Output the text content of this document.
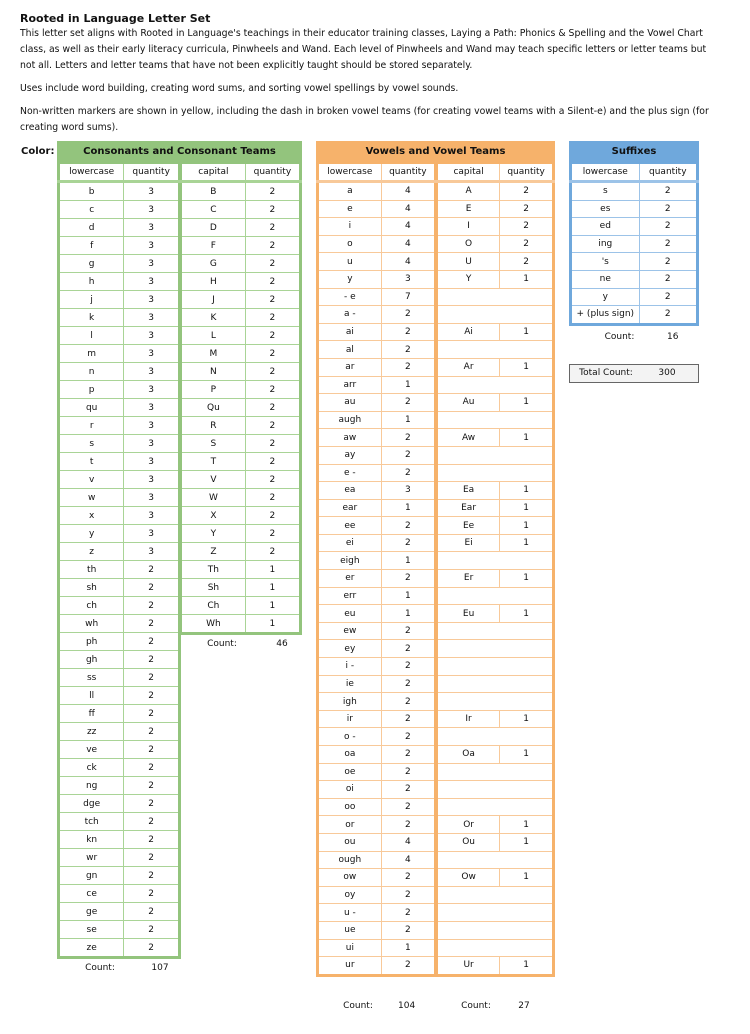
Rooted in Language Letter Set

This letter set aligns with Rooted in Language's teachings in their educator training classes, Laying a Path: Phonics & Spelling and the Vowel Chart class, as well as their early literacy curricula, Pinwheels and Wand. Each level of Pinwheels and Wand may teach specific letters or letter teams but not all. Letters and letter teams that have not been explicitly taught should be stored separately.

Uses include word building, creating word sums, and sorting vowel spellings by vowel sounds.

Non-written markers are shown in yellow, including the dash in broken vowel teams (for creating vowel teams with a Silent-e) and the plus sign (for creating word sums).

Color:	Consonants and Consonant Teams
lowercase	quantity
b	3
c	3
d	3
f	3
g	3
h	3
j	3
k	3
l	3
m	3
n	3
p	3
qu	3
r	3
s	3
t	3
v	3
w	3
x	3
y	3
z	3
th	2
sh	2
ch	2
wh	2
ph	2
gh	2
ss	2
ll	2
ff	2
zz	2
ve	2
ck	2
ng	2
dge	2
tch	2
kn	2
wr	2
gn	2
ce	2
ge	2
se	2
ze	2
capital	quantity
B	2
C	2
D	2
F	2
G	2
H	2
J	2
K	2
L	2
M	2
N	2
P	2
Qu	2
R	2
S	2
T	2
V	2
W	2
X	2
Y	2
Z	2
Th	1
Sh	1
Ch	1
Wh	1
Count:	107
Count:	46
Vowels and Vowel Teams
lowercase	quantity
a	4
e	4
i	4
o	4
u	4
y	3
- e	7
a -	2
ai	2
al	2
ar	2
arr	1
au	2
augh	1
aw	2
ay	2
e -	2
ea	3
ear	1
ee	2
ei	2
eigh	1
er	2
err	1
eu	1
ew	2
ey	2
i -	2
ie	2
igh	2
ir	2
o -	2
oa	2
oe	2
oi	2
oo	2
or	2
ou	4
ough	4
ow	2
oy	2
u -	2
ue	2
ui	1
ur	2
capital	quantity
A	2
E	2
I	2
O	2
U	2
Y	1

Ai	1

Ar	1

Au	1

Aw	1

Ea	1
Ear	1
Ee	1
Ei	1

Er	1

Eu	1

Ir	1

Oa	1

Or	1
Ou	1

Ow	1

Ur	1
Count:	104	Count:	27
Suffixes
lowercase	quantity
s	2
es	2
ed	2
ing	2
's	2
ne	2
y	2
+ (plus sign)	2
Count:	16
Total Count:	300
